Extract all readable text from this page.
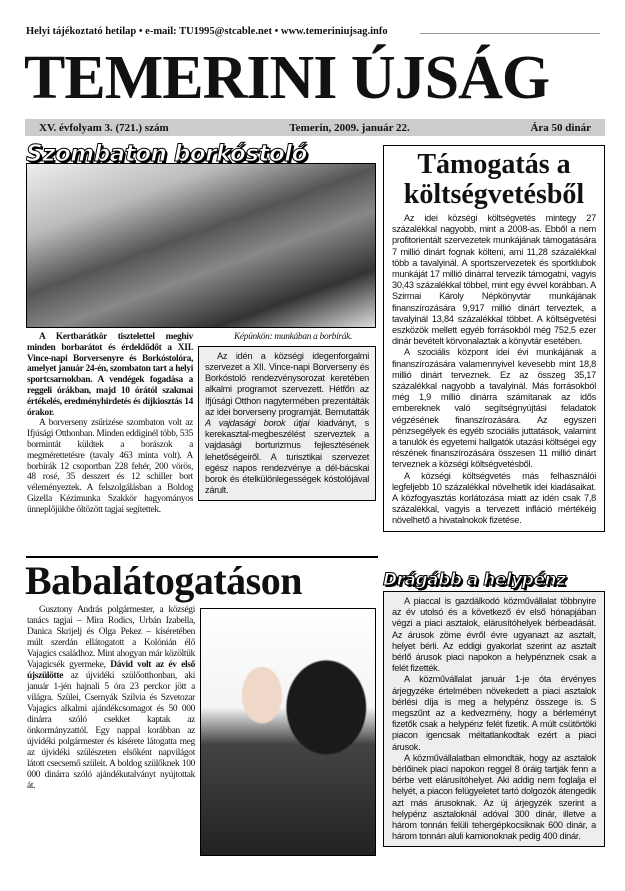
Helyi tájékoztató hetilap • e-mail: TU1995@stcable.net • www.temeriniujsag.info
TEMERINI ÚJSÁG
XV. évfolyam 3. (721.) szám	Temerin, 2009. január 22.	Ára 50 dinár
Szombaton borkóstoló

A Kertbarátkör tisztelettel meghív minden borbarátot és érdeklődőt a XII. Vince-napi Borversenyre és Borkóstolóra, amelyet január 24-én, szombaton tart a helyi sportcsarnokban. A vendégek fogadása a reggeli órákban, majd 10 órától szakmai értékelés, eredményhirdetés és díjkiosztás 14 órakor.

A borverseny zsűrizése szombaton volt az Ifjúsági Otthonban. Minden eddiginél több, 535 bormintát küldtek a borászok a megmérettetésre (tavaly 463 minta volt). A borbírák 12 csoportban 228 fehér, 200 vörös, 48 rosé, 35 desszert és 12 schiller bort véleményeztek. A felszolgálásban a Boldog Gizella Kézimunka Szakkör hagyományos ünneplőjükbe öltözött tagjai segítettek.

Képünkön: munkában a borbírák.

Az idén a községi idegenforgalmi szervezet a XII. Vince-napi Borverseny és Borkóstoló rendezvénysorozat keretében alkalmi programot szervezett. Hétfőn az Ifjúsági Otthon nagytermében prezentálták az idei borverseny programját. Bemutatták A vajdasági borok útjai kiadványt, s kerekasztal-megbeszélést szerveztek a vajdasági borturizmus fejlesztésének lehetőségeiről. A turisztikai szervezet egész napos rendezvénye a dél-bácskai borok és ételkülönlegességek kóstolójával zárult.

Támogatás a költségvetésből

Az idei községi költségvetés mintegy 27 százalékkal nagyobb, mint a 2008-as. Ebből a nem profitorientált szervezetek munkájának támogatására 7 millió dinárt fognak költeni, ami 11,28 százalékkal több a tavalyinál. A sportszervezetek és sportklubok munkáját 17 millió dinárral tervezik támogatni, vagyis 30,43 százalékkal többel, mint egy évvel korábban. A Szirmai Károly Népkönyvtár munkájának finanszírozására 9,917 millió dinárt terveztek, a tavalyinál 13,84 százalékkal többet. A költségvetési eszközök mellett egyéb forrásokból még 752,5 ezer dinár bevételt körvonalaztak a könyvtár esetében.

A szociális központ idei évi munkájának a finanszírozására valamennyivel kevesebb mint 18,8 millió dinárt terveznek. Ez az összeg 35,17 százalékkal nagyobb a tavalyinál. Más forrásokból még 1,9 millió dinárra számítanak az idős embereknek való segítségnyújtási feladatok végzésének finanszírozására. Az egyszeri pénzsegélyek és egyéb szociális juttatások, valamint a tanulók és egyetemi hallgatók utazási költségei egy részének finanszírozására összesen 11 millió dinárt terveznek a községi költségvetésből.

A községi költségvetés más felhasználói legfeljebb 10 százalékkal növelhetik idei kiadásaikat. A közfogyasztás korlátozása miatt az idén csak 7,8 százalékkal, vagyis a tervezett infláció mértékéig növelhető a hivatalnokok fizetése.

Babalátogatáson

Gusztony András polgármester, a községi tanács tagjai – Mira Rodics, Urbán Izabella, Danica Skrijelj és Olga Pekez – kíséretében múlt szerdán ellátogatott a Kolónián élő Vajagics családhoz. Mint ahogyan már közöltük Vajagicsék gyermeke, Dávid volt az év első újszülötte az újvidéki szülőotthonban, aki január 1-jén hajnali 5 óra 23 perckor jött a világra. Szülei, Csernyák Szilvia és Szvetozar Vajagics alkalmi ajándékcsomagot és 50 000 dinárra szóló csekket kaptak az önkormányzattól. Egy nappal korábban az újvidéki polgármester és kísérete látogatta meg az újvidéki szülészeten elsőként napvilágot látott csecsemő szüleit. A boldog szülőknek 100 000 dinárra szóló ajándékutalványt nyújtottak át.

Drágább a helypénz

A piaccal is gazdálkodó közművállalat többnyire az év utolsó és a következő év első hónapjában végzi a piaci asztalok, elárusítóhelyek bérbeadását. Az árusok zöme évről évre ugyanazt az asztalt, helyet bérli. Az eddigi gyakorlat szerint az asztalt bérlő árusok piaci napokon a helypénznek csak a felét fizették.

A közművállalat január 1-je óta érvényes árjegyzéke értelmében növekedett a piaci asztalok bérlési díja is meg a helypénz összege is. S megszűnt az a kedvezmény, hogy a bérleményt fizetők csak a helypénz felét fizetik. A múlt csütörtöki piacon igencsak méltatlankodtak ezért a piaci árusok.

A közművállalatban elmondták, hogy az asztalok bérlőinek piaci napokon reggel 8 óráig tartják fenn a bérbe vett elárusítóhelyet. Aki addig nem foglalja el helyét, a piacon felügyeletet tartó dolgozók átengedik azt más árusoknak. Az új árjegyzék szerint a helypénz asztaloknál adóval 300 dinár, illetve a három tonnán felüli tehergépkocsiknak 600 dinár, a három tonnán aluli kamionoknak pedig 400 dinár.
